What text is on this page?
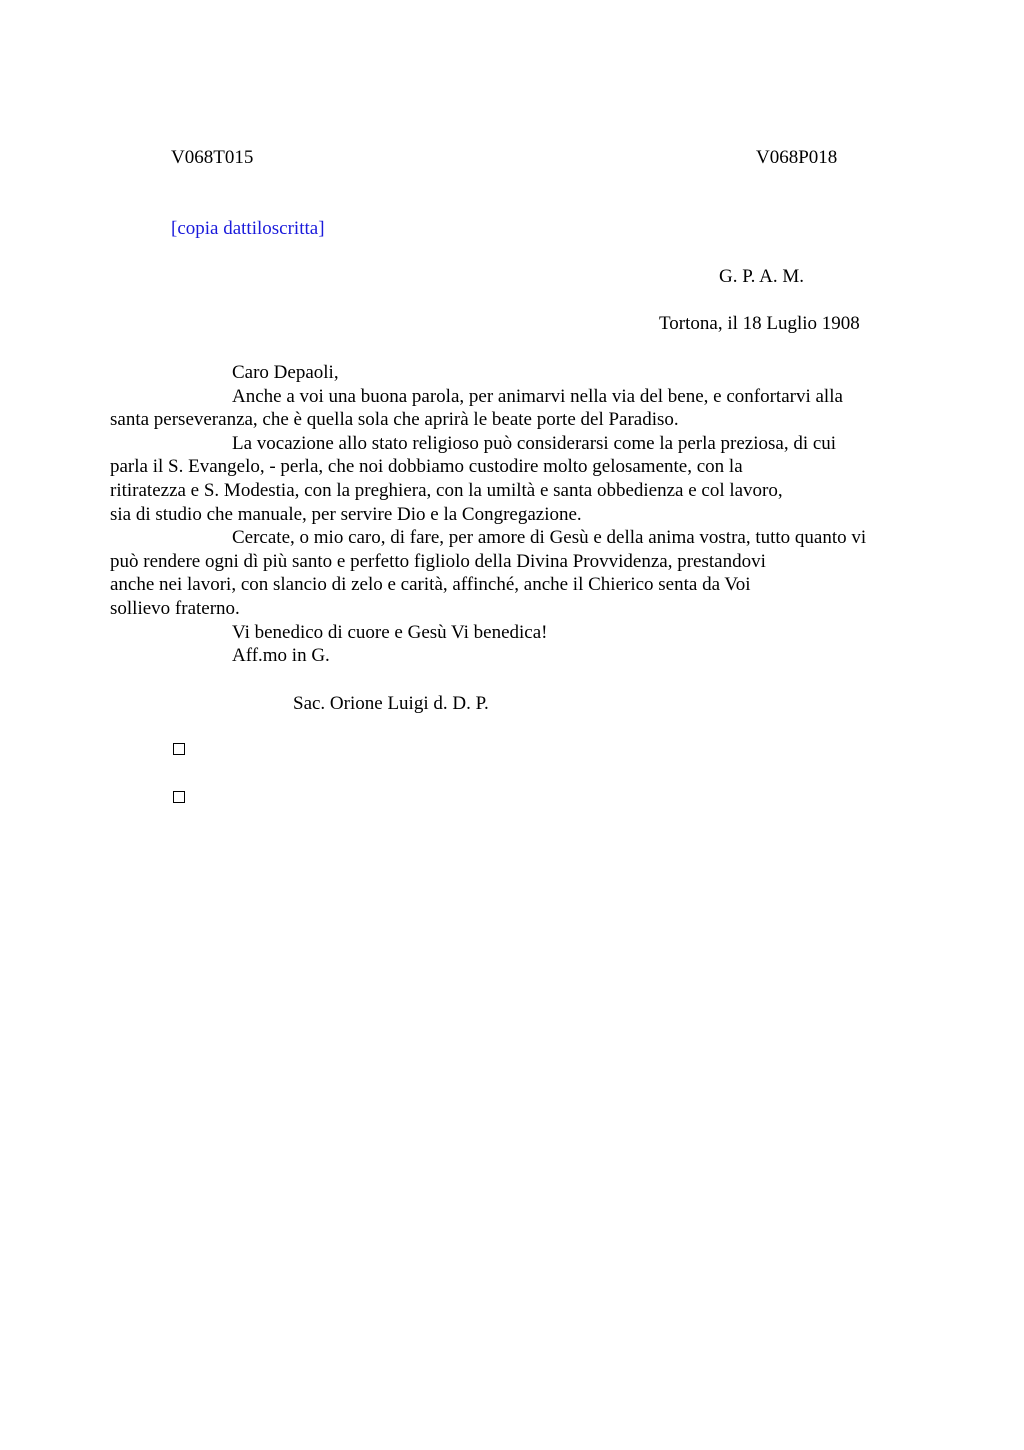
V068T015	V068P018
[copia dattiloscritta]
G. P. A. M.
Tortona, il 18 Luglio 1908

Caro Depaoli,

Anche a voi una buona parola, per animarvi nella via del bene, e confortarvi alla
santa perseveranza, che è quella sola che aprirà le beate porte del Paradiso.

La vocazione allo stato religioso può considerarsi come la perla preziosa, di cui
parla il S. Evangelo, - perla, che noi dobbiamo custodire molto gelosamente, con la
ritiratezza e S. Modestia, con la preghiera, con la umiltà e santa obbedienza e col lavoro,
sia di studio che manuale, per servire Dio e la Congregazione.

Cercate, o mio caro, di fare, per amore di Gesù e della anima vostra, tutto quanto vi
può rendere ogni dì più santo e perfetto figliolo della Divina Provvidenza, prestandovi
anche nei lavori, con slancio di zelo e carità, affinché, anche il Chierico senta da Voi
sollievo fraterno.

Vi benedico di cuore e Gesù Vi benedica!

Aff.mo in G.

Sac. Orione Luigi d. D. P.
